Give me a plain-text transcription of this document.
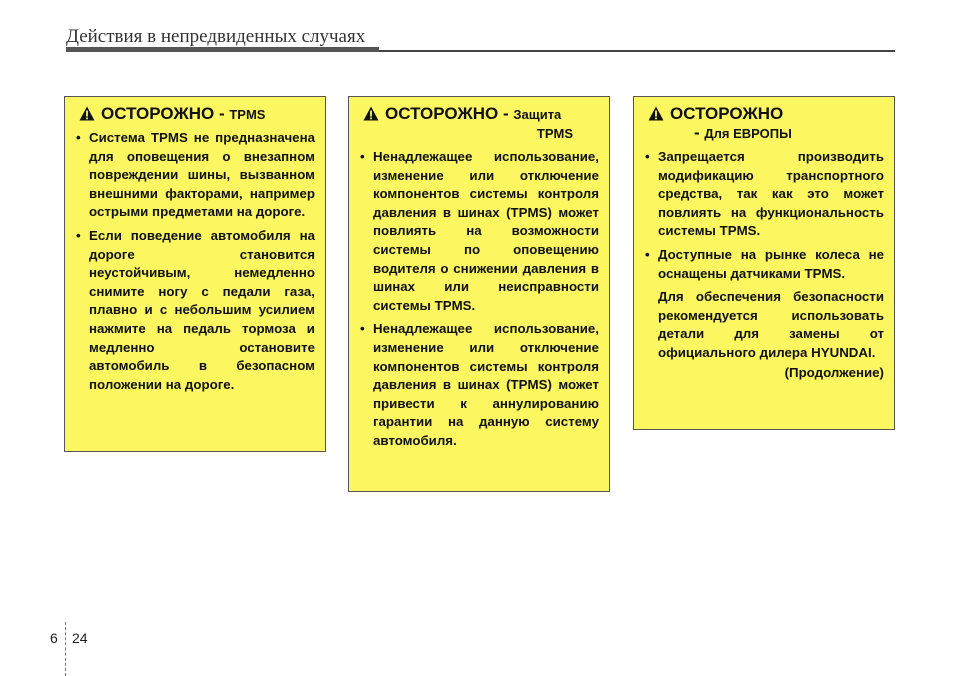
Действия в непредвиденных случаях
ОСТОРОЖНО - TPMS
• Система TPMS не предназначена для оповещения о внезапном повреждении шины, вызванном внешними факторами, например острыми предметами на дороге.
• Если поведение автомобиля на дороге становится неустойчивым, немедленно снимите ногу с педали газа, плавно и с небольшим усилием нажмите на педаль тормоза и медленно остановите автомобиль в безопасном положении на дороге.
ОСТОРОЖНО - Защита
TPMS
• Ненадлежащее использование, изменение или отключение компонентов системы контроля давления в шинах (TPMS) может повлиять на возможности системы по оповещению водителя о снижении давления в шинах или неисправности системы TPMS.
• Ненадлежащее использование, изменение или отключение компонентов системы контроля давления в шинах (TPMS) может привести к аннулированию гарантии на данную систему автомобиля.
ОСТОРОЖНО
- Для ЕВРОПЫ
• Запрещается производить модификацию транспортного средства, так как это может повлиять на функциональность системы TPMS.
• Доступные на рынке колеса не оснащены датчиками TPMS.
Для обеспечения безопасности рекомендуется использовать детали для замены от официального дилера HYUNDAI.
(Продолжение)
6 24
